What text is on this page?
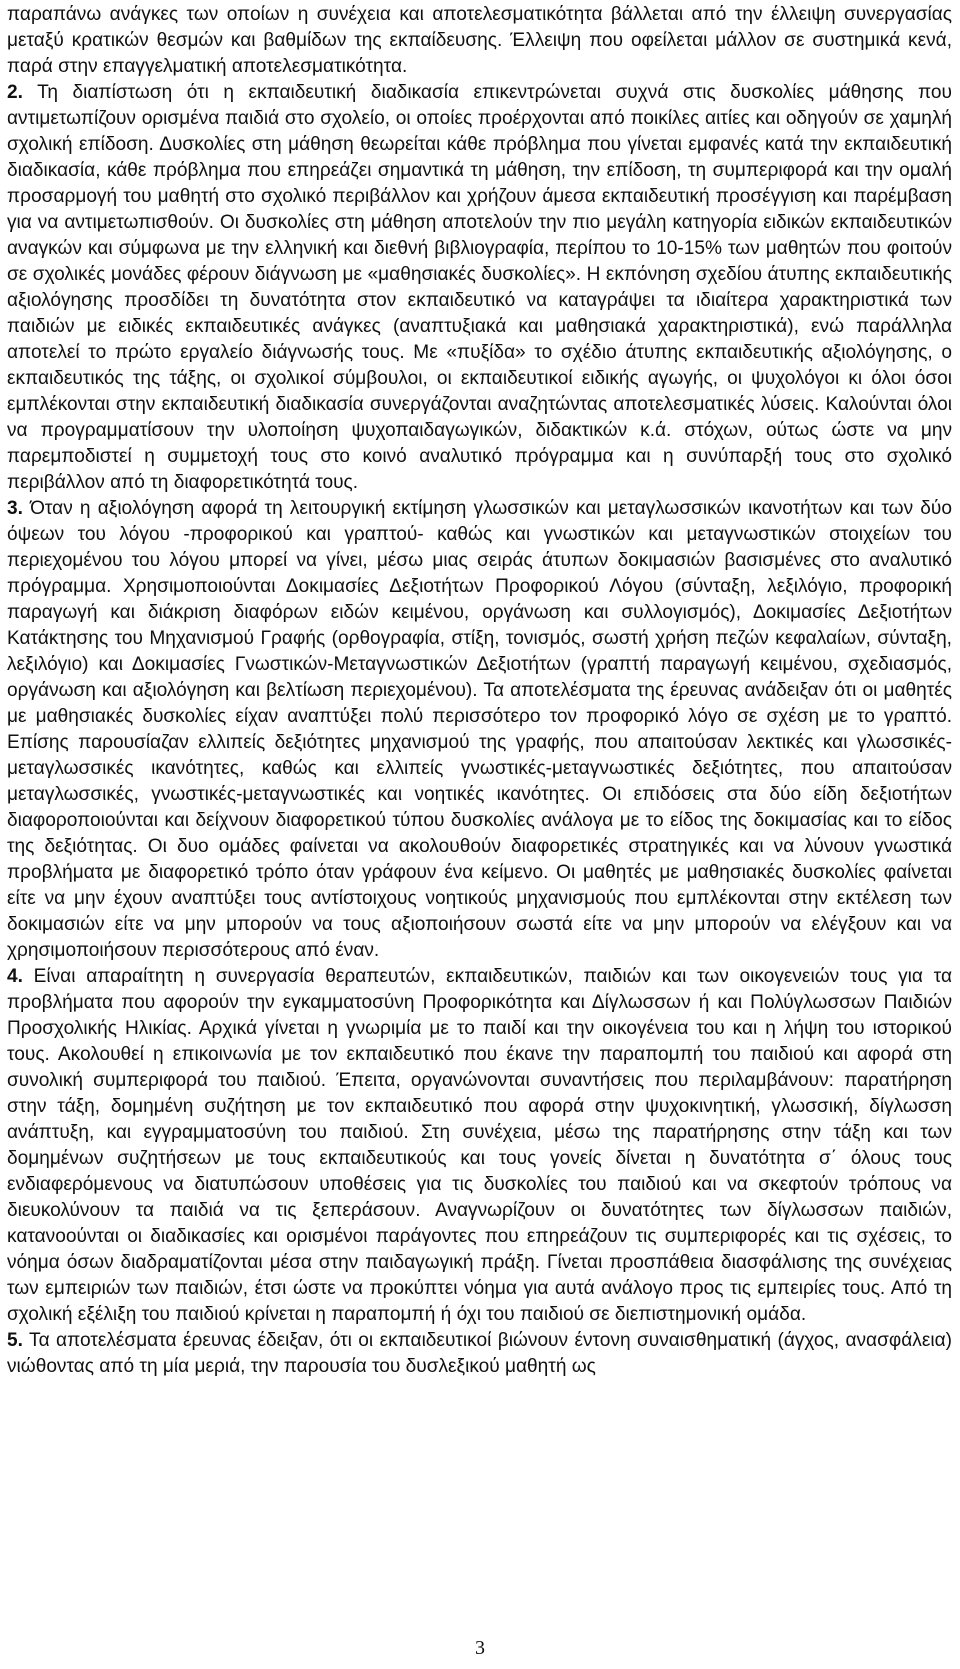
παραπάνω ανάγκες των οποίων η συνέχεια και αποτελεσματικότητα βάλλεται από την έλλειψη συνεργασίας μεταξύ κρατικών θεσμών και βαθμίδων της εκπαίδευσης. Έλλειψη που οφείλεται μάλλον σε συστημικά κενά, παρά στην επαγγελματική αποτελεσματικότητα.

2. Τη διαπίστωση ότι η εκπαιδευτική διαδικασία επικεντρώνεται συχνά στις δυσκολίες μάθησης που αντιμετωπίζουν ορισμένα παιδιά στο σχολείο, οι οποίες προέρχονται από ποικίλες αιτίες και οδηγούν σε χαμηλή σχολική επίδοση. Δυσκολίες στη μάθηση θεωρείται κάθε πρόβλημα που γίνεται εμφανές κατά την εκπαιδευτική διαδικασία, κάθε πρόβλημα που επηρεάζει σημαντικά τη μάθηση, την επίδοση, τη συμπεριφορά και την ομαλή προσαρμογή του μαθητή στο σχολικό περιβάλλον και χρήζουν άμεσα εκπαιδευτική προσέγγιση και παρέμβαση για να αντιμετωπισθούν. Οι δυσκολίες στη μάθηση αποτελούν την πιο μεγάλη κατηγορία ειδικών εκπαιδευτικών αναγκών και σύμφωνα με την ελληνική και διεθνή βιβλιογραφία, περίπου το 10-15% των μαθητών που φοιτούν σε σχολικές μονάδες φέρουν διάγνωση με «μαθησιακές δυσκολίες». Η εκπόνηση σχεδίου άτυπης εκπαιδευτικής αξιολόγησης προσδίδει τη δυνατότητα στον εκπαιδευτικό να καταγράψει τα ιδιαίτερα χαρακτηριστικά των παιδιών με ειδικές εκπαιδευτικές ανάγκες (αναπτυξιακά και μαθησιακά χαρακτηριστικά), ενώ παράλληλα αποτελεί το πρώτο εργαλείο διάγνωσής τους. Με «πυξίδα» το σχέδιο άτυπης εκπαιδευτικής αξιολόγησης, ο εκπαιδευτικός της τάξης, οι σχολικοί σύμβουλοι, οι εκπαιδευτικοί ειδικής αγωγής, οι ψυχολόγοι κι όλοι όσοι εμπλέκονται στην εκπαιδευτική διαδικασία συνεργάζονται αναζητώντας αποτελεσματικές λύσεις. Καλούνται όλοι να προγραμματίσουν την υλοποίηση ψυχοπαιδαγωγικών, διδακτικών κ.ά. στόχων, ούτως ώστε να μην παρεμποδιστεί η συμμετοχή τους στο κοινό αναλυτικό πρόγραμμα και η συνύπαρξή τους στο σχολικό περιβάλλον από τη διαφορετικότητά τους.

3. Όταν η αξιολόγηση αφορά τη λειτουργική εκτίμηση γλωσσικών και μεταγλωσσικών ικανοτήτων και των δύο όψεων του λόγου -προφορικού και γραπτού- καθώς και γνωστικών και μεταγνωστικών στοιχείων του περιεχομένου του λόγου μπορεί να γίνει, μέσω μιας σειράς άτυπων δοκιμασιών βασισμένες στο αναλυτικό πρόγραμμα. Χρησιμοποιούνται Δοκιμασίες Δεξιοτήτων Προφορικού Λόγου (σύνταξη, λεξιλόγιο, προφορική παραγωγή και διάκριση διαφόρων ειδών κειμένου, οργάνωση και συλλογισμός), Δοκιμασίες Δεξιοτήτων Κατάκτησης του Μηχανισμού Γραφής (ορθογραφία, στίξη, τονισμός, σωστή χρήση πεζών κεφαλαίων, σύνταξη, λεξιλόγιο) και Δοκιμασίες Γνωστικών-Μεταγνωστικών Δεξιοτήτων (γραπτή παραγωγή κειμένου, σχεδιασμός, οργάνωση και αξιολόγηση και βελτίωση περιεχομένου). Τα αποτελέσματα της έρευνας ανάδειξαν ότι οι μαθητές με μαθησιακές δυσκολίες είχαν αναπτύξει πολύ περισσότερο τον προφορικό λόγο σε σχέση με το γραπτό. Επίσης παρουσίαζαν ελλιπείς δεξιότητες μηχανισμού της γραφής, που απαιτούσαν λεκτικές και γλωσσικές-μεταγλωσσικές ικανότητες, καθώς και ελλιπείς γνωστικές-μεταγνωστικές δεξιότητες, που απαιτούσαν μεταγλωσσικές, γνωστικές-μεταγνωστικές και νοητικές ικανότητες. Οι επιδόσεις στα δύο είδη δεξιοτήτων διαφοροποιούνται και δείχνουν διαφορετικού τύπου δυσκολίες ανάλογα με το είδος της δοκιμασίας και το είδος της δεξιότητας. Οι δυο ομάδες φαίνεται να ακολουθούν διαφορετικές στρατηγικές και να λύνουν γνωστικά προβλήματα με διαφορετικό τρόπο όταν γράφουν ένα κείμενο. Οι μαθητές με μαθησιακές δυσκολίες φαίνεται είτε να μην έχουν αναπτύξει τους αντίστοιχους νοητικούς μηχανισμούς που εμπλέκονται στην εκτέλεση των δοκιμασιών είτε να μην μπορούν να τους αξιοποιήσουν σωστά είτε να μην μπορούν να ελέγξουν και να χρησιμοποιήσουν περισσότερους από έναν.

4. Είναι απαραίτητη η συνεργασία θεραπευτών, εκπαιδευτικών, παιδιών και των οικογενειών τους για τα προβλήματα που αφορούν την εγκαμματοσύνη Προφορικότητα και Δίγλωσσων ή και Πολύγλωσσων Παιδιών Προσχολικής Ηλικίας. Αρχικά γίνεται η γνωριμία με το παιδί και την οικογένεια του και η λήψη του ιστορικού τους. Ακολουθεί η επικοινωνία με τον εκπαιδευτικό που έκανε την παραπομπή του παιδιού και αφορά στη συνολική συμπεριφορά του παιδιού. Έπειτα, οργανώνονται συναντήσεις που περιλαμβάνουν: παρατήρηση στην τάξη, δομημένη συζήτηση με τον εκπαιδευτικό που αφορά στην ψυχοκινητική, γλωσσική, δίγλωσση ανάπτυξη, και εγγραμματοσύνη του παιδιού. Στη συνέχεια, μέσω της παρατήρησης στην τάξη και των δομημένων συζητήσεων με τους εκπαιδευτικούς και τους γονείς δίνεται η δυνατότητα σ΄ όλους τους ενδιαφερόμενους να διατυπώσουν υποθέσεις για τις δυσκολίες του παιδιού και να σκεφτούν τρόπους να διευκολύνουν τα παιδιά να τις ξεπεράσουν. Αναγνωρίζουν οι δυνατότητες των δίγλωσσων παιδιών, κατανοούνται οι διαδικασίες και ορισμένοι παράγοντες που επηρεάζουν τις συμπεριφορές και τις σχέσεις, το νόημα όσων διαδραματίζονται μέσα στην παιδαγωγική πράξη. Γίνεται προσπάθεια διασφάλισης της συνέχειας των εμπειριών των παιδιών, έτσι ώστε να προκύπτει νόημα για αυτά ανάλογο προς τις εμπειρίες τους. Από τη σχολική εξέλιξη του παιδιού κρίνεται η παραπομπή ή όχι του παιδιού σε διεπιστημονική ομάδα.

5. Τα αποτελέσματα έρευνας έδειξαν, ότι οι εκπαιδευτικοί βιώνουν έντονη συναισθηματική (άγχος, ανασφάλεια) νιώθοντας από τη μία μεριά, την παρουσία του δυσλεξικού μαθητή ως

3
